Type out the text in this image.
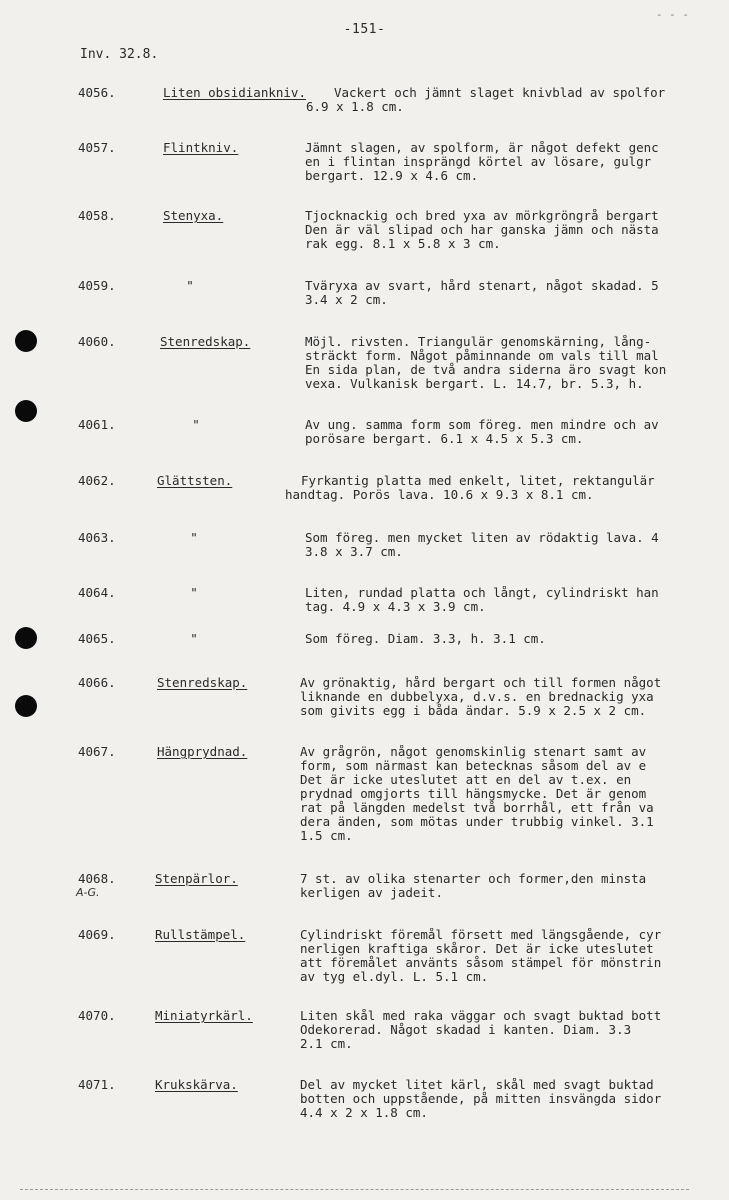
- - -
-151-
Inv. 32.8.
4056.	Liten obsidiankniv.	Vackert och jämnt slaget knivblad av spolfor
6.9 x 1.8 cm.
4057.	Flintkniv.	Jämnt slagen, av spolform, är något defekt genc
en i flintan insprängd körtel av lösare, gulgr
bergart. 12.9 x 4.6 cm.
4058.	Stenyxa.	Tjocknackig och bred yxa av mörkgröngrå bergart
Den är väl slipad och har ganska jämn och nästa
rak egg. 8.1 x 5.8 x 3 cm.
4059.	"	Tväryxa av svart, hård stenart, något skadad. 5
3.4 x 2 cm.
4060.	Stenredskap.	Möjl. rivsten. Triangulär genomskärning, lång-
sträckt form. Något påminnande om vals till mal
En sida plan, de två andra siderna äro svagt kon
vexa. Vulkanisk bergart. L. 14.7, br. 5.3, h.
4061.	"	Av ung. samma form som föreg. men mindre och av
porösare bergart. 6.1 x 4.5 x 5.3 cm.
4062.	Glättsten.	Fyrkantig platta med enkelt, litet, rektangulär
handtag. Porös lava. 10.6 x 9.3 x 8.1 cm.
4063.	"	Som föreg. men mycket liten av rödaktig lava. 4
3.8 x 3.7 cm.
4064.	"	Liten, rundad platta och långt, cylindriskt han
tag. 4.9 x 4.3 x 3.9 cm.
4065.	"	Som föreg. Diam. 3.3, h. 3.1 cm.
4066.	Stenredskap.	Av grönaktig, hård bergart och till formen något
liknande en dubbelyxa, d.v.s. en brednackig yxa
som givits egg i båda ändar. 5.9 x 2.5 x 2 cm.
4067.	Hängprydnad.	Av grågrön, något genomskinlig stenart samt av
form, som närmast kan betecknas såsom del av e
Det är icke uteslutet att en del av t.ex. en
prydnad omgjorts till hängsmycke. Det är genom
rat på längden medelst två borrhål, ett från va
dera änden, som mötas under trubbig vinkel. 3.1
1.5 cm.
4068.
A-G.
Stenpärlor.	7 st. av olika stenarter och former,den minsta
kerligen av jadeit.
4069.	Rullstämpel.	Cylindriskt föremål försett med längsgående, cyr
nerligen kraftiga skåror. Det är icke uteslutet
att föremålet använts såsom stämpel för mönstrin
av tyg el.dyl. L. 5.1 cm.
4070.	Miniatyrkärl.	Liten skål med raka väggar och svagt buktad bott
Odekorerad. Något skadad i kanten. Diam. 3.3
2.1 cm.
4071.	Krukskärva.	Del av mycket litet kärl, skål med svagt buktad
botten och uppstående, på mitten insvängda sidor
4.4 x 2 x 1.8 cm.
